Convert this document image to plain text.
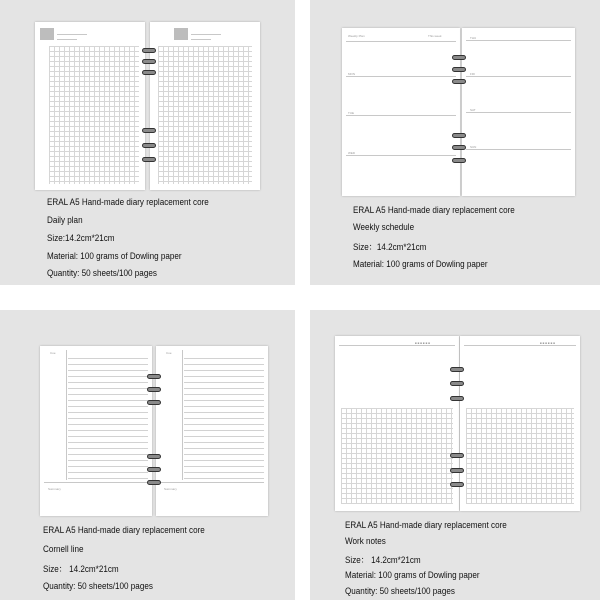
ERAL A5 Hand-made diary replacement core
Daily plan
Size:14.2cm*21cm
Material: 100 grams of Dowling paper
Quantity: 50 sheets/100 pages
Weekly Plan	This week
MON
TUE
WED
THU
FRI
SAT
SUN
ERAL A5 Hand-made diary replacement core
Weekly schedule
Size：14.2cm*21cm
Material: 100 grams of Dowling paper
Cue
Summary
Cue
Summary
ERAL A5 Hand-made diary replacement core
Cornell line
Size： 14.2cm*21cm
Quantity: 50 sheets/100 pages
■ ■ ■ ■ ■ ■	■ ■ ■ ■ ■ ■
ERAL A5 Hand-made diary replacement core
Work notes
Size： 14.2cm*21cm
Material: 100 grams of Dowling paper
Quantity: 50 sheets/100 pages
